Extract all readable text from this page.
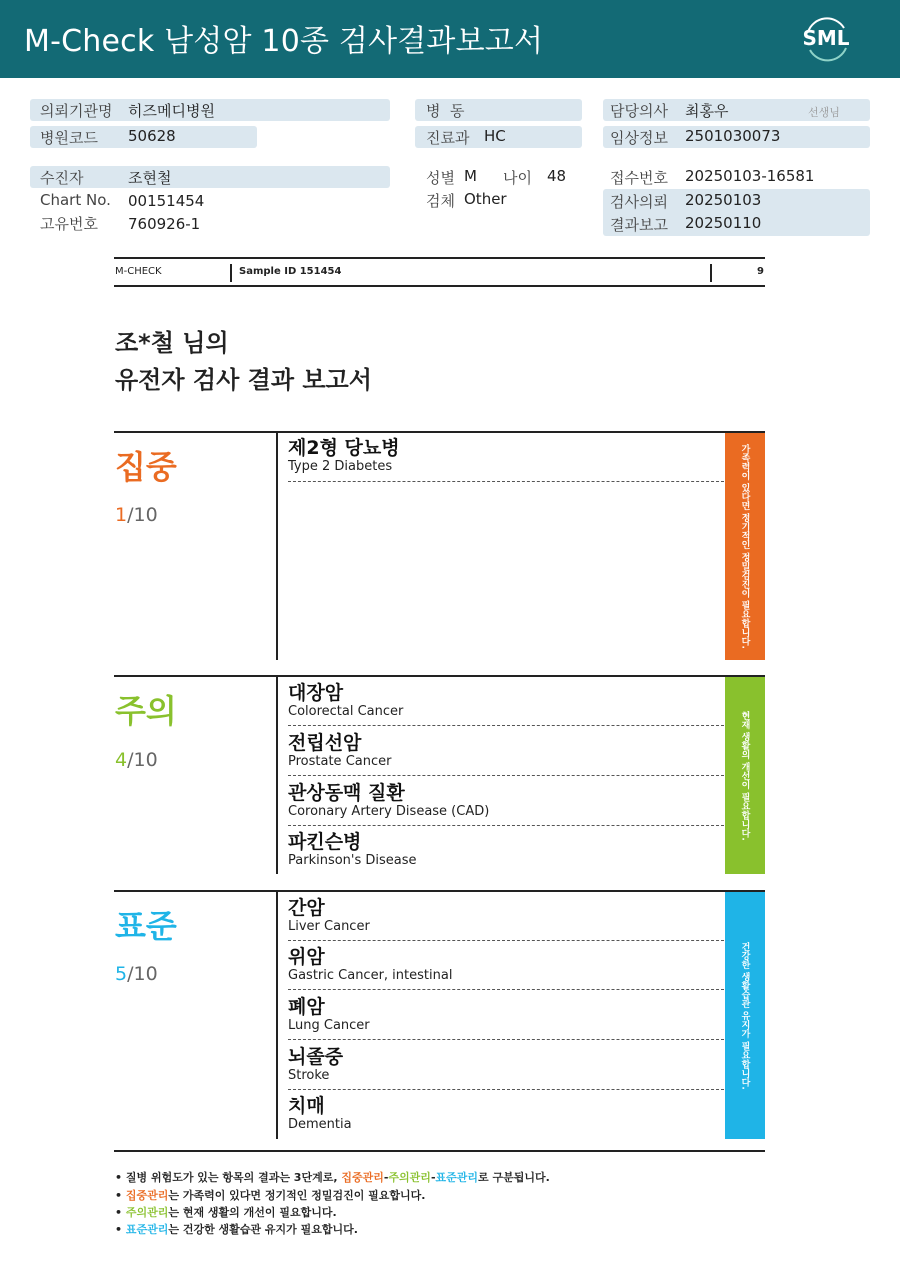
M-Check 남성암 10종 검사결과보고서	SML
의뢰기관명 히즈메디병원
병원코드 50628
수진자	조현철
Chart No. 00151454
고유번호 760926-1
병  동
진료과 HC
성별 M 나이 48
검체 Other
담당의사 최홍우	선생님
임상정보 2501030073
접수번호 20250103-16581
검사의뢰 20250103
결과보고 20250110
M-CHECK	Sample ID 151454	9
조*철 님의
유전자 검사 결과 보고서
집중
1/10	가족력이 있다면 정기적인 정밀검진이 필요합니다.
제2형 당뇨병
Type 2 Diabetes
주의
4/10	현재 생활의 개선이 필요합니다.
대장암
Colorectal Cancer
전립선암
Prostate Cancer
관상동맥 질환
Coronary Artery Disease (CAD)
파킨슨병
Parkinson's Disease
표준
5/10	건강한 생활습관 유지가 필요합니다.
간암
Liver Cancer
위암
Gastric Cancer, intestinal
폐암
Lung Cancer
뇌졸중
Stroke
치매
Dementia
• 질병 위험도가 있는 항목의 결과는 3단계로, 집중관리-주의관리-표준관리로 구분됩니다.
• 집중관리는 가족력이 있다면 정기적인 정밀검진이 필요합니다.
• 주의관리는 현재 생활의 개선이 필요합니다.
• 표준관리는 건강한 생활습관 유지가 필요합니다.
